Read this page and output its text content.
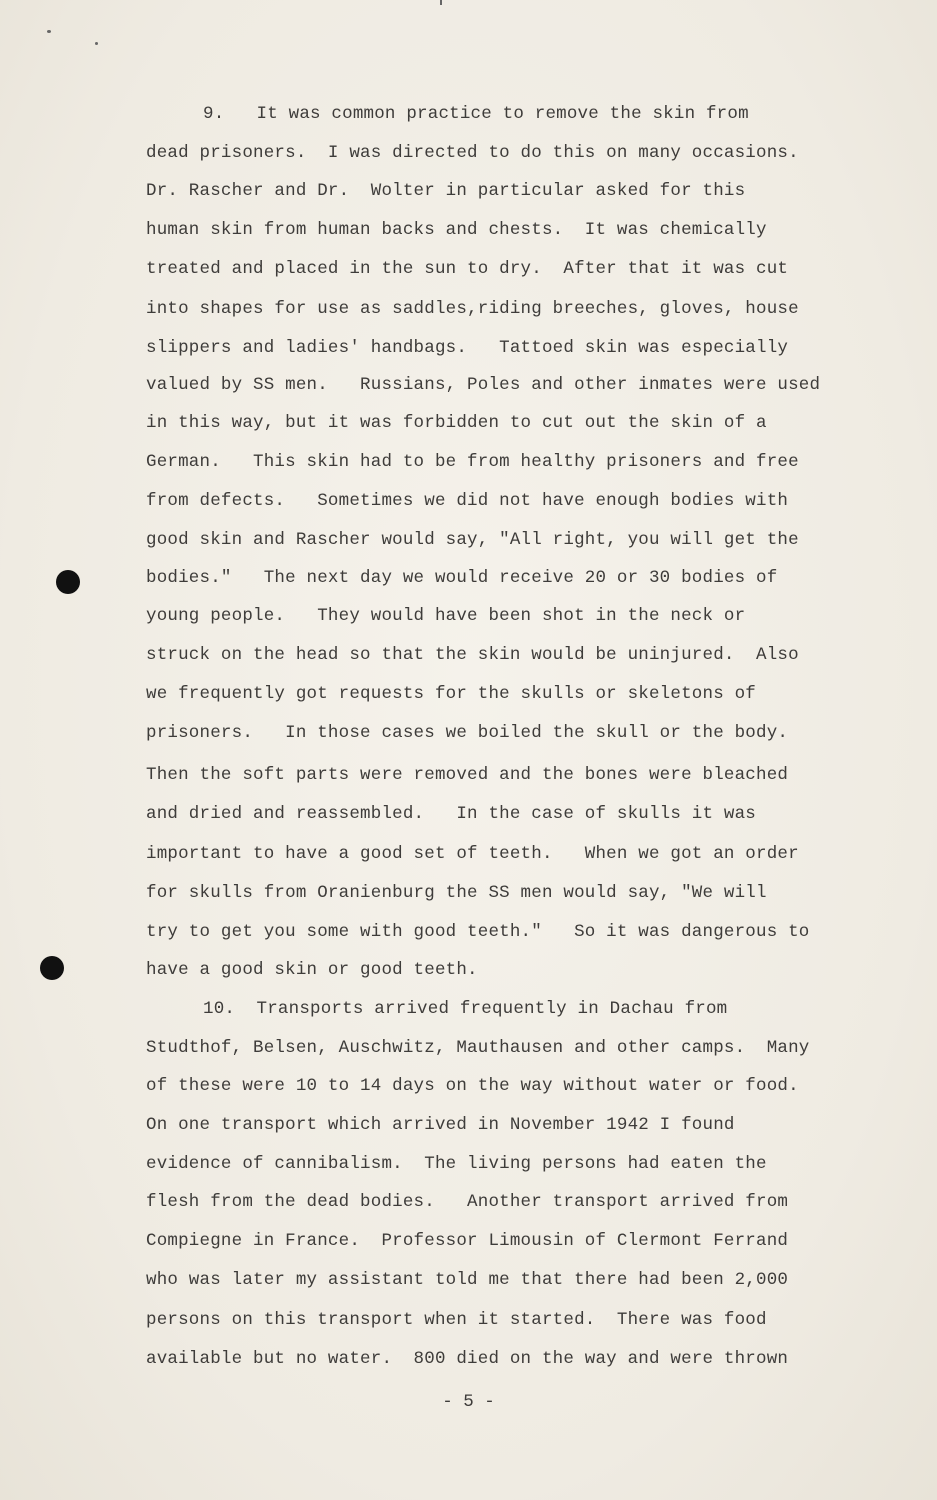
9.   It was common practice to remove the skin from
dead prisoners.  I was directed to do this on many occasions.
Dr. Rascher and Dr.  Wolter in particular asked for this
human skin from human backs and chests.  It was chemically
treated and placed in the sun to dry.  After that it was cut
into shapes for use as saddles,riding breeches, gloves, house
slippers and ladies' handbags.   Tattoed skin was especially
valued by SS men.   Russians, Poles and other inmates were used
in this way, but it was forbidden to cut out the skin of a
German.   This skin had to be from healthy prisoners and free
from defects.   Sometimes we did not have enough bodies with
good skin and Rascher would say, "All right, you will get the
bodies."   The next day we would receive 20 or 30 bodies of
young people.   They would have been shot in the neck or
struck on the head so that the skin would be uninjured.  Also
we frequently got requests for the skulls or skeletons of
prisoners.   In those cases we boiled the skull or the body.
Then the soft parts were removed and the bones were bleached
and dried and reassembled.   In the case of skulls it was
important to have a good set of teeth.   When we got an order
for skulls from Oranienburg the SS men would say, "We will
try to get you some with good teeth."   So it was dangerous to
have a good skin or good teeth.
10.  Transports arrived frequently in Dachau from
Studthof, Belsen, Auschwitz, Mauthausen and other camps.  Many
of these were 10 to 14 days on the way without water or food.
On one transport which arrived in November 1942 I found
evidence of cannibalism.  The living persons had eaten the
flesh from the dead bodies.   Another transport arrived from
Compiegne in France.  Professor Limousin of Clermont Ferrand
who was later my assistant told me that there had been 2,000
persons on this transport when it started.  There was food
available but no water.  800 died on the way and were thrown
- 5 -
